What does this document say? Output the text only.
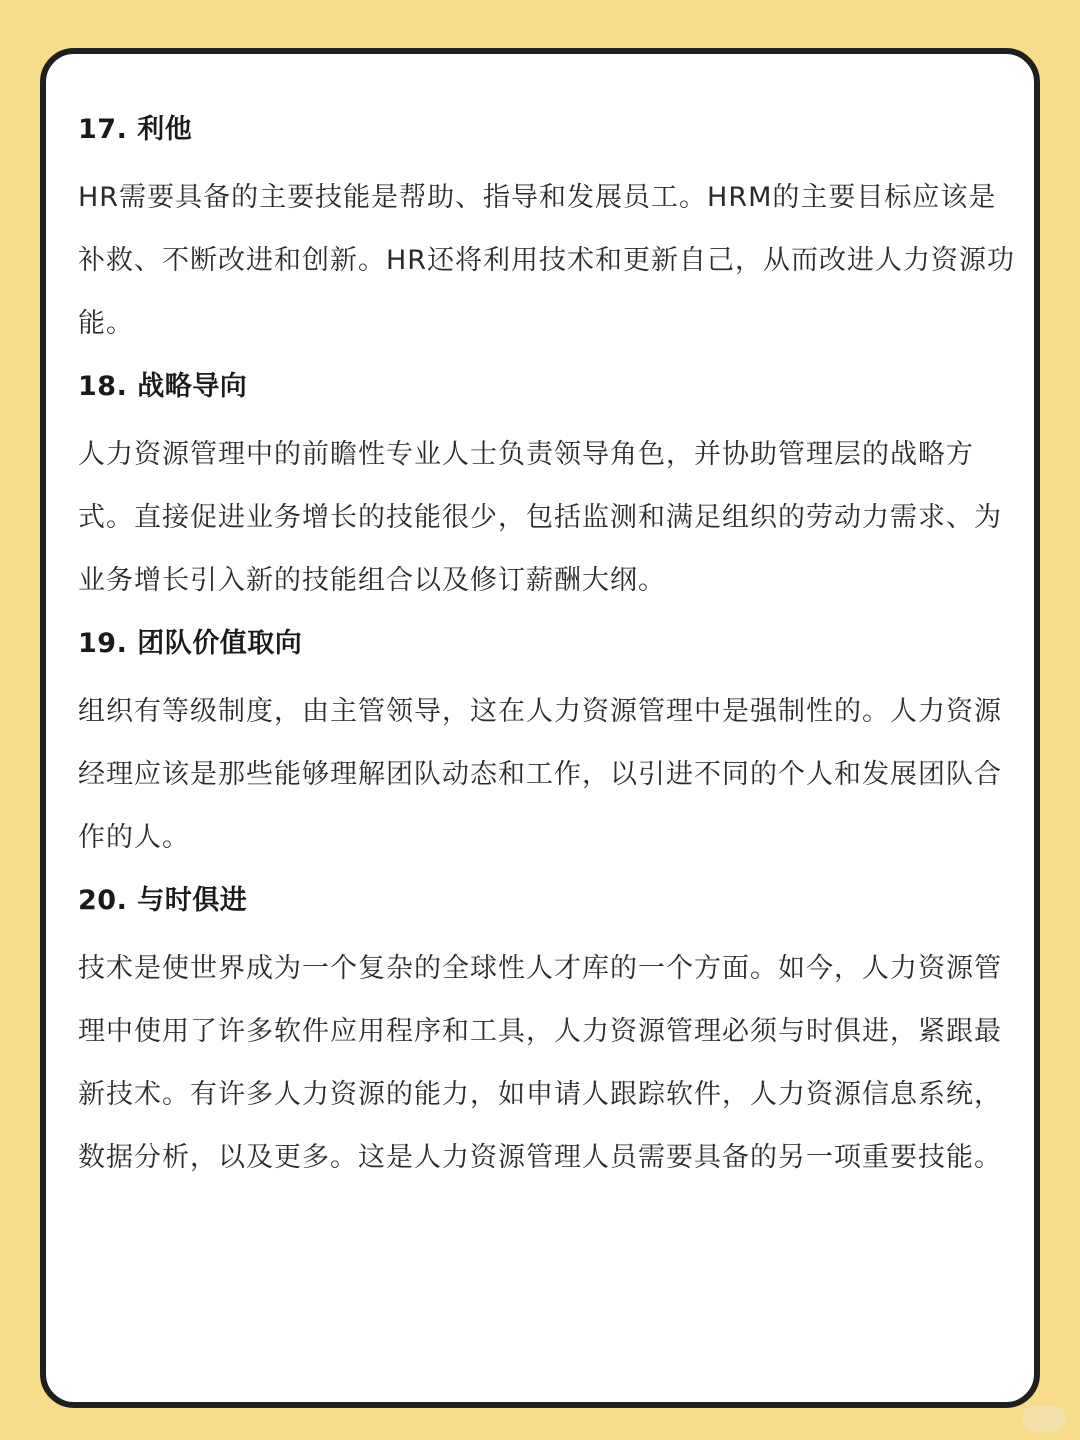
17. 利他
HR需要具备的主要技能是帮助、指导和发展员工。HRM的主要目标应该是补救、不断改进和创新。HR还将利用技术和更新自己，从而改进人力资源功能。
18. 战略导向
人力资源管理中的前瞻性专业人士负责领导角色，并协助管理层的战略方式。直接促进业务增长的技能很少，包括监测和满足组织的劳动力需求、为业务增长引入新的技能组合以及修订薪酬大纲。
19. 团队价值取向
组织有等级制度，由主管领导，这在人力资源管理中是强制性的。人力资源经理应该是那些能够理解团队动态和工作，以引进不同的个人和发展团队合作的人。
20. 与时俱进
技术是使世界成为一个复杂的全球性人才库的一个方面。如今，人力资源管理中使用了许多软件应用程序和工具，人力资源管理必须与时俱进，紧跟最新技术。有许多人力资源的能力，如申请人跟踪软件，人力资源信息系统，数据分析，以及更多。这是人力资源管理人员需要具备的另一项重要技能。
